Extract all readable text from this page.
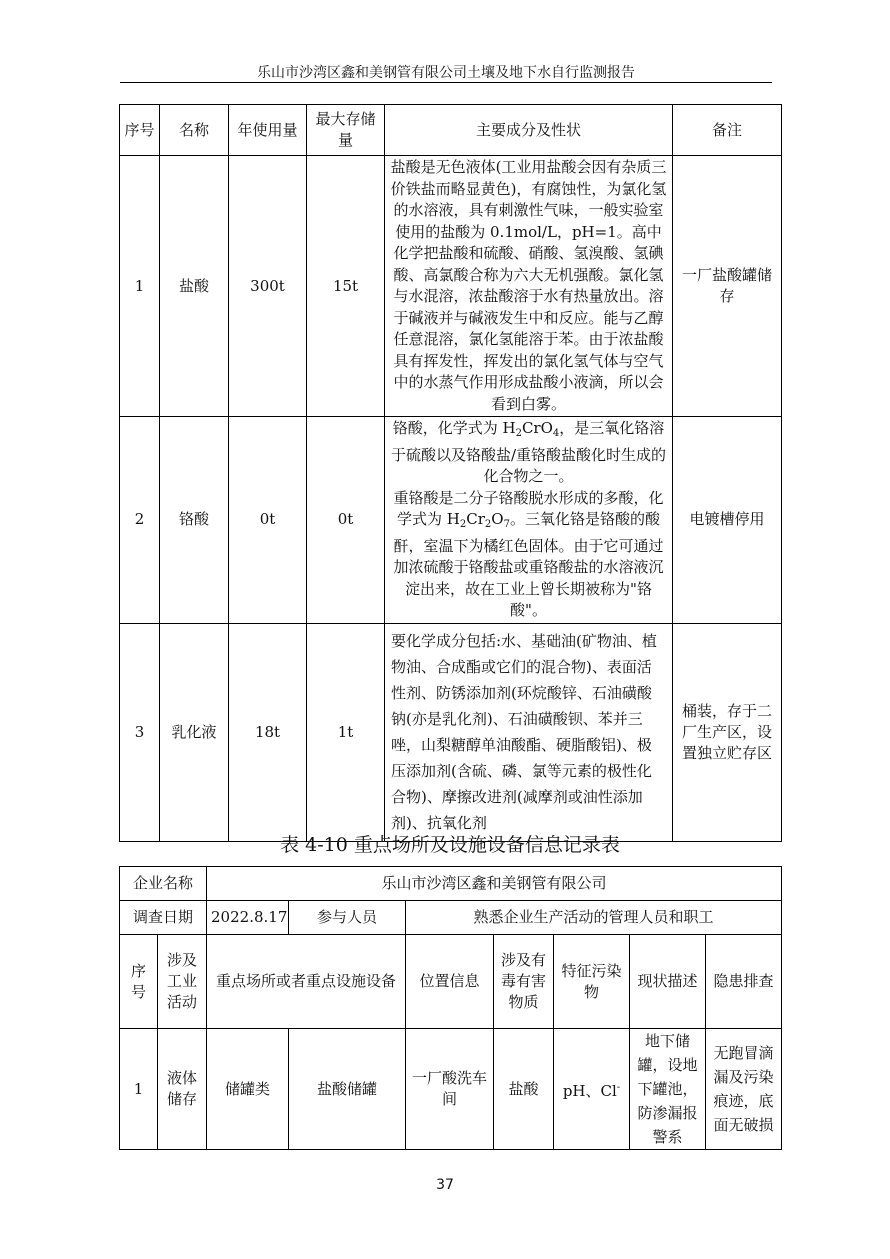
乐山市沙湾区鑫和美钢管有限公司土壤及地下水自行监测报告
序号	名称	年使用量	最大存储量	主要成分及性状	备注
1	盐酸	300t	15t	盐酸是无色液体(工业用盐酸会因有杂质三价铁盐而略显黄色)，有腐蚀性，为氯化氢的水溶液，具有刺激性气味，一般实验室使用的盐酸为 0.1mol/L，pH=1。高中化学把盐酸和硫酸、硝酸、氢溴酸、氢碘酸、高氯酸合称为六大无机强酸。氯化氢与水混溶，浓盐酸溶于水有热量放出。溶于碱液并与碱液发生中和反应。能与乙醇任意混溶，氯化氢能溶于苯。由于浓盐酸具有挥发性，挥发出的氯化氢气体与空气中的水蒸气作用形成盐酸小液滴，所以会看到白雾。	一厂盐酸罐储存
2	铬酸	0t	0t	铬酸，化学式为 $H_2CrO_4$，是三氧化铬溶于硫酸以及铬酸盐/重铬酸盐酸化时生成的化合物之一。
重铬酸是二分子铬酸脱水形成的多酸，化学式为 $H_2Cr_2O_7$。三氧化铬是铬酸的酸酐，室温下为橘红色固体。由于它可通过加浓硫酸于铬酸盐或重铬酸盐的水溶液沉淀出来，故在工业上曾长期被称为"铬酸"。	电镀槽停用
3	乳化液	18t	1t	要化学成分包括:水、基础油(矿物油、植物油、合成酯或它们的混合物)、表面活性剂、防锈添加剂(环烷酸锌、石油磺酸钠(亦是乳化剂)、石油磺酸钡、苯并三唑，山梨糖醇单油酸酯、硬脂酸铝)、极压添加剂(含硫、磷、氯等元素的极性化合物)、摩擦改进剂(减摩剂或油性添加剂)、抗氧化剂	桶装，存于二厂生产区，设置独立贮存区
表 4-10 重点场所及设施设备信息记录表
企业名称		乐山市沙湾区鑫和美钢管有限公司						
调查日期		2022.8.17	参与人员	熟悉企业生产活动的管理人员和职工				
序号	涉及工业活动	重点场所或者重点设施设备		位置信息	涉及有毒有害物质	特征污染物	现状描述	隐患排查
1	液体储存	储罐类	盐酸储罐	一厂酸洗车间	盐酸	pH、Cl-	地下储罐，设地下罐池，防渗漏报警系	无跑冒滴漏及污染痕迹，底面无破损
37
